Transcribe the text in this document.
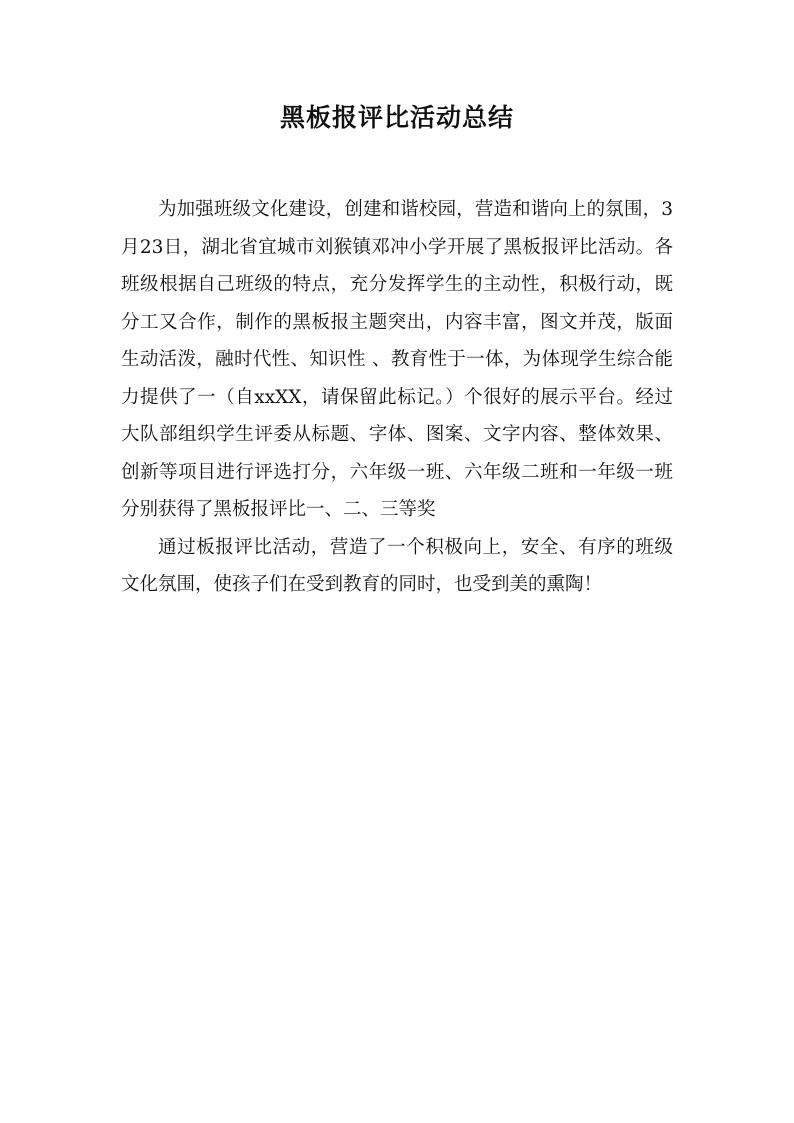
黑板报评比活动总结

为加强班级文化建设，创建和谐校园，营造和谐向上的氛围，3月23日，湖北省宜城市刘猴镇邓冲小学开展了黑板报评比活动。各班级根据自己班级的特点，充分发挥学生的主动性，积极行动，既分工又合作，制作的黑板报主题突出，内容丰富，图文并茂，版面生动活泼，融时代性、知识性 、教育性于一体，为体现学生综合能力提供了一（自xxXX，请保留此标记。）个很好的展示平台。经过大队部组织学生评委从标题、字体、图案、文字内容、整体效果、创新等项目进行评选打分，六年级一班、六年级二班和一年级一班分别获得了黑板报评比一、二、三等奖

通过板报评比活动，营造了一个积极向上，安全、有序的班级文化氛围，使孩子们在受到教育的同时，也受到美的熏陶！
